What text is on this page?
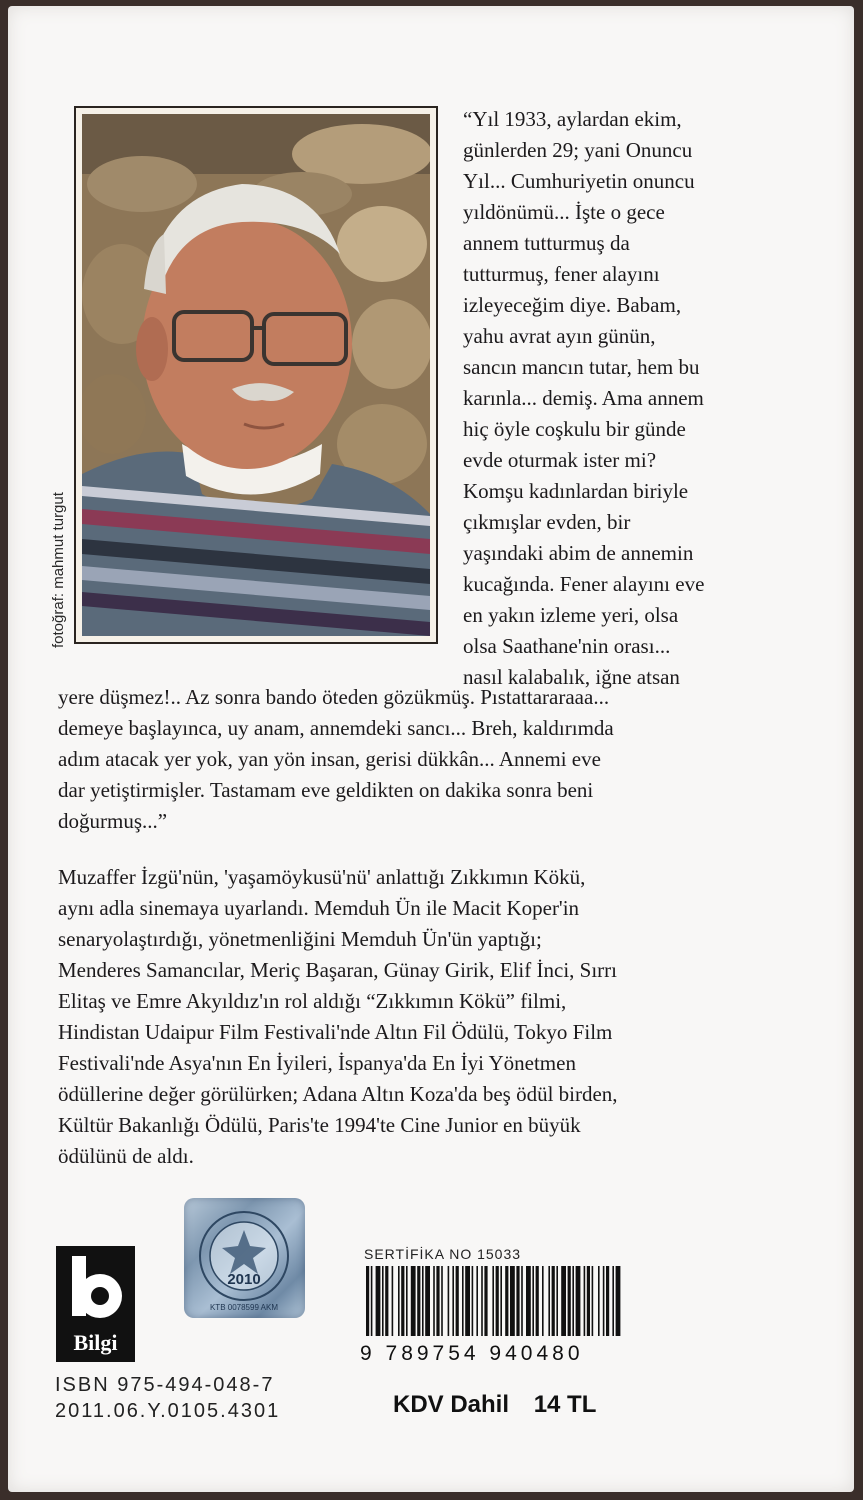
fotoğraf: mahmut turgut
“Yıl 1933, aylardan ekim,
günlerden 29; yani Onuncu
Yıl... Cumhuriyetin onuncu
yıldönümü... İşte o gece
annem tutturmuş da
tutturmuş, fener alayını
izleyeceğim diye. Babam,
yahu avrat ayın günün,
sancın mancın tutar, hem bu
karınla... demiş. Ama annem
hiç öyle coşkulu bir günde
evde oturmak ister mi?
Komşu kadınlardan biriyle
çıkmışlar evden, bir
yaşındaki abim de annemin
kucağında. Fener alayını eve
en yakın izleme yeri, olsa
olsa Saathane'nin orası...
nasıl kalabalık, iğne atsan
yere düşmez!.. Az sonra bando öteden gözükmüş. Pıstattararaaa...
demeye başlayınca, uy anam, annemdeki sancı... Breh, kaldırımda
adım atacak yer yok, yan yön insan, gerisi dükkân... Annemi eve
dar yetiştirmişler. Tastamam eve geldikten on dakika sonra beni
doğurmuş...”
Muzaffer İzgü'nün, 'yaşamöykusü'nü' anlattığı Zıkkımın Kökü,
aynı adla sinemaya uyarlandı. Memduh Ün ile Macit Koper'in
senaryolaştırdığı, yönetmenliğini Memduh Ün'ün yaptığı;
Menderes Samancılar, Meriç Başaran, Günay Girik, Elif İnci, Sırrı
Elitaş ve Emre Akyıldız'ın rol aldığı “Zıkkımın Kökü” filmi,
Hindistan Udaipur Film Festivali'nde Altın Fil Ödülü, Tokyo Film
Festivali'nde Asya'nın En İyileri, İspanya'da En İyi Yönetmen
ödüllerine değer görülürken; Adana Altın Koza'da beş ödül birden,
Kültür Bakanlığı Ödülü, Paris'te 1994'te Cine Junior en büyük
ödülünü de aldı.
Bilgi
2010
KTB 0078599 AKM
SERTİFİKA NO 15033
9 789754 940480
ISBN 975-494-048-7
2011.06.Y.0105.4301	KDV Dahil 14 TL
